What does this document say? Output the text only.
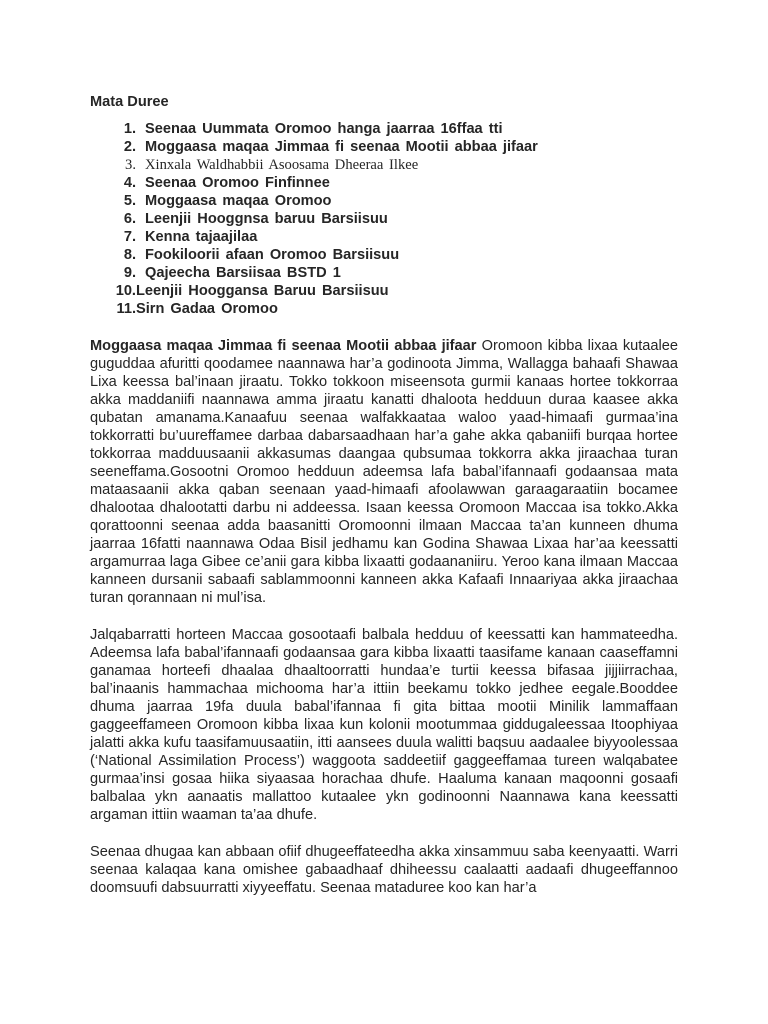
Mata Duree
1. Seenaa Uummata Oromoo hanga jaarraa 16ffaa tti
2. Moggaasa maqaa Jimmaa fi seenaa Mootii abbaa jifaar
3. Xinxala Waldhabbii Asoosama Dheeraa Ilkee
4. Seenaa Oromoo Finfinnee
5. Moggaasa maqaa Oromoo
6. Leenjii Hooggnsa baruu Barsiisuu
7. Kenna tajaajilaa
8. Fookiloorii afaan Oromoo Barsiisuu
9. Qajeecha Barsiisaa BSTD 1
10. Leenjii Hooggansa Baruu Barsiisuu
11. Sirn Gadaa Oromoo

Moggaasa maqaa Jimmaa fi seenaa Mootii abbaa jifaar Oromoon kibba lixaa kutaalee guguddaa afuritti qoodamee naannawa har’a godinoota Jimma, Wallagga bahaafi Shawaa Lixa keessa bal’inaan jiraatu. Tokko tokkoon miseensota gurmii kanaas hortee tokkorraa akka maddaniifi naannawa amma jiraatu kanatti dhaloota hedduun duraa kaasee akka qubatan amanama.Kanaafuu seenaa walfakkaataa waloo yaad-himaafi gurmaa’ina tokkorratti bu’uureffamee darbaa dabarsaadhaan har’a gahe akka qabaniifi burqaa hortee tokkorraa madduusaanii akkasumas daangaa qubsumaa tokkorra akka jiraachaa turan seeneffama.Gosootni Oromoo hedduun adeemsa lafa babal’ifannaafi godaansaa mata mataasaanii akka qaban seenaan yaad-himaafi afoolawwan garaagaraatiin bocamee dhalootaa dhalootatti darbu ni addeessa. Isaan keessa Oromoon Maccaa isa tokko.Akka qorattoonni seenaa adda baasanitti Oromoonni ilmaan Maccaa ta’an kunneen dhuma jaarraa 16fatti naannawa Odaa Bisil jedhamu kan Godina Shawaa Lixaa har’aa keessatti argamurraa laga Gibee ce’anii gara kibba lixaatti godaananiiru. Yeroo kana ilmaan Maccaa kanneen dursanii sabaafi sablammoonni kanneen akka Kafaafi Innaariyaa akka jiraachaa turan qorannaan ni mul’isa.

Jalqabarratti horteen Maccaa gosootaafi balbala hedduu of keessatti kan hammateedha. Adeemsa lafa babal’ifannaafi godaansaa gara kibba lixaatti taasifame kanaan caaseffamni ganamaa horteefi dhaalaa dhaaltoorratti hundaa’e turtii keessa bifasaa jijjiirrachaa, bal’inaanis hammachaa michooma har’a ittiin beekamu tokko jedhee eegale.Booddee dhuma jaarraa 19fa duula babal’ifannaa fi gita bittaa mootii Minilik lammaffaan gaggeeffameen Oromoon kibba lixaa kun kolonii mootummaa giddugaleessaa Itoophiyaa jalatti akka kufu taasifamuusaatiin, itti aansees duula walitti baqsuu aadaalee biyyoolessaa (‘National Assimilation Process’) waggoota saddeetiif gaggeeffamaa tureen walqabatee gurmaa’insi gosaa hiika siyaasaa horachaa dhufe. Haaluma kanaan maqoonni gosaafi balbalaa ykn aanaatis mallattoo kutaalee ykn godinoonni Naannawa kana keessatti argaman ittiin waaman ta’aa dhufe.

Seenaa dhugaa kan abbaan ofiif dhugeeffateedha akka xinsammuu saba keenyaatti. Warri seenaa kalaqaa kana omishee gabaadhaaf dhiheessu caalaatti aadaafi dhugeeffannoo doomsuufi dabsuurratti xiyyeeffatu. Seenaa mataduree koo kan har’a
